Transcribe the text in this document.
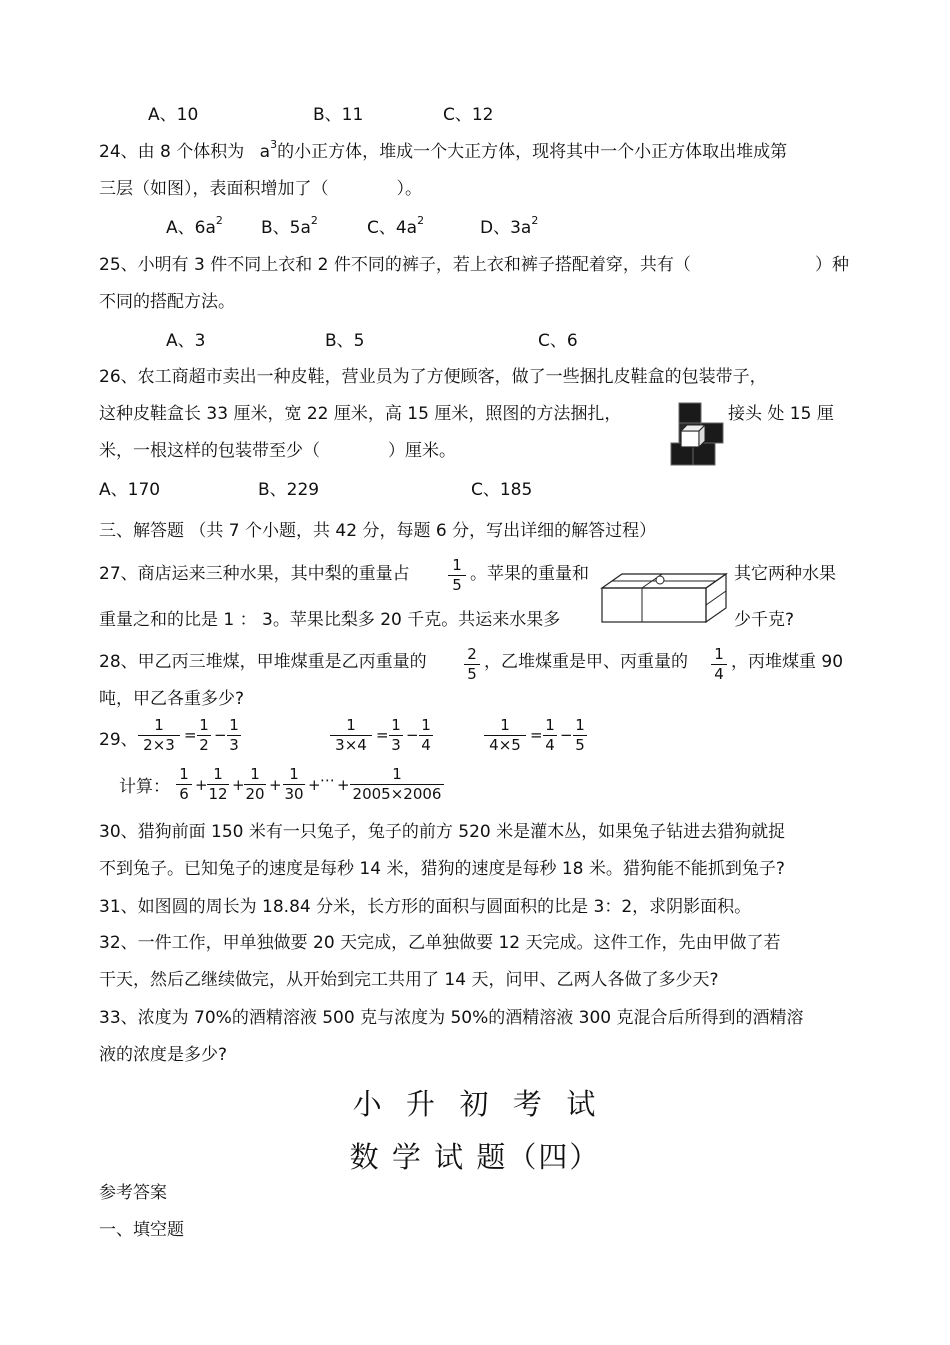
A、10	B、11	C、12
24、由 8 个体积为 $a^3$的小正方体，堆成一个大正方体，现将其中一个小正方体取出堆成第
三层（如图），表面积增加了（　　　　）。
A、$6a^2$ B、$5a^2$	C、$4a^2$	D、$3a^2$
25、小明有 3 件不同上衣和 2 件不同的裤子，若上衣和裤子搭配着穿，共有（	）种
不同的搭配方法。
A、3	B、5	C、6
26、农工商超市卖出一种皮鞋，营业员为了方便顾客，做了一些捆扎皮鞋盒的包装带子，
这种皮鞋盒长 33 厘米，宽 22 厘米，高 15 厘米，照图的方法捆扎，	接头 处 15 厘
米，一根这样的包装带至少（　　　　）厘米。
A、170	B、229	C、185
三、解答题 （共 7 个小题，共 42 分，每题 6 分，写出详细的解答过程）
27、商店运来三种水果，其中梨的重量占	1
5
。苹果的重量和	其它两种水果
重量之和的比是 1 ： 3。苹果比梨多 20 千克。共运来水果多	少千克?
28、甲乙丙三堆煤，甲堆煤重是乙丙重量的	2
5
，乙堆煤重是甲、丙重量的 1
4
，丙堆煤重 90
吨，甲乙各重多少?
29、
1
2×3
=
1
2
−
1
3
1
3×4
=
1
3
−
1
4
1
4×5
=
1
4
−
1
5
计算：
1
6 +
1
12 +
1
20 +
1
30 + ⋯ +
1
2005×2006
30、猎狗前面 150 米有一只兔子，兔子的前方 520 米是灌木丛，如果兔子钻进去猎狗就捉
不到兔子。已知兔子的速度是每秒 14 米，猎狗的速度是每秒 18 米。猎狗能不能抓到兔子?
31、如图圆的周长为 18.84 分米，长方形的面积与圆面积的比是 3：2，求阴影面积。
32、一件工作，甲单独做要 20 天完成，乙单独做要 12 天完成。这件工作，先由甲做了若
干天，然后乙继续做完，从开始到完工共用了 14 天，问甲、乙两人各做了多少天?
33、浓度为 70%的酒精溶液 500 克与浓度为 50%的酒精溶液 300 克混合后所得到的酒精溶
液的浓度是多少?
小  升  初  考  试
数 学 试 题（四）
参考答案
一、填空题
